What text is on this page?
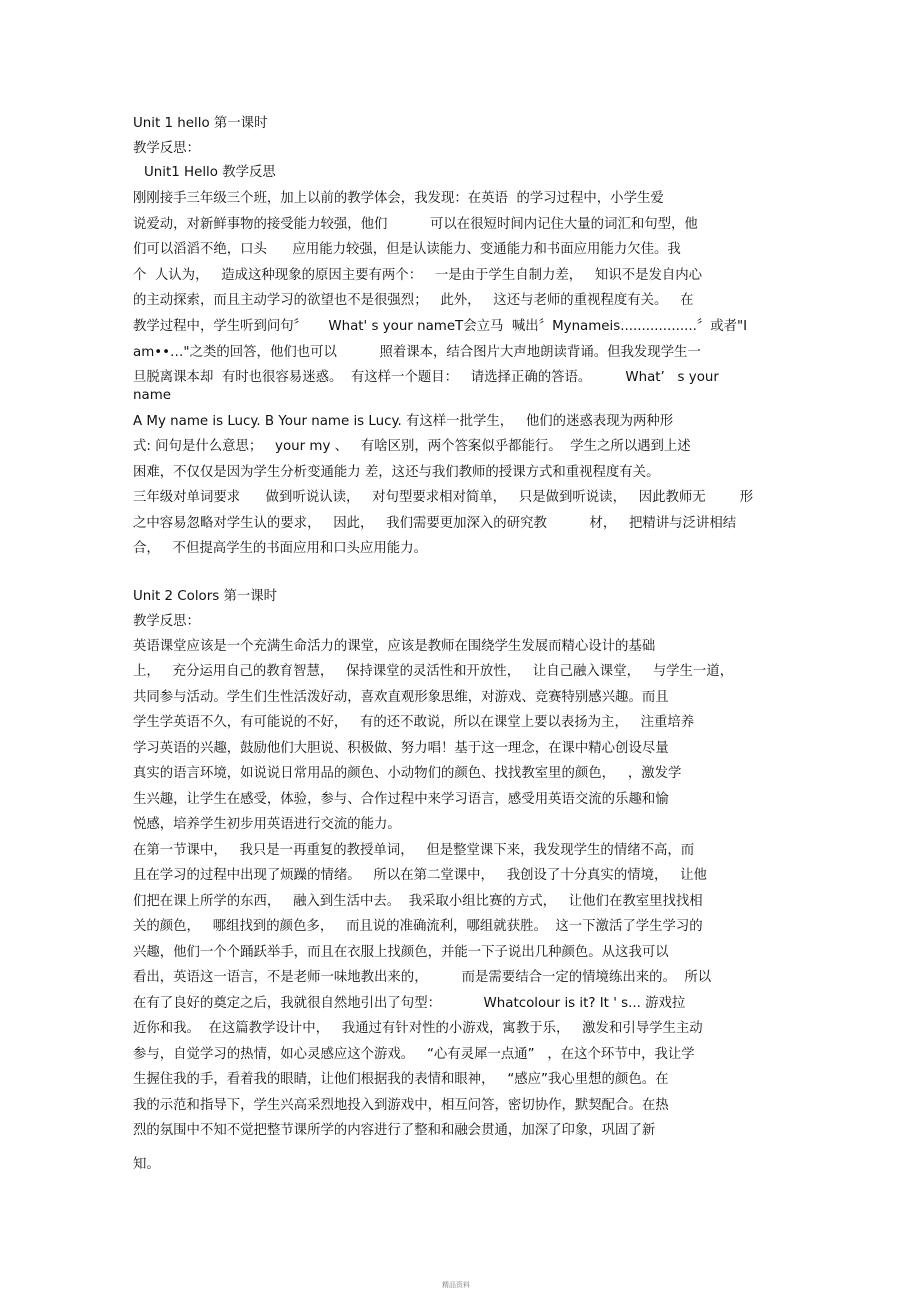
Unit 1 hello 第一课时
教学反思：
Unit1 Hello 教学反思
刚刚接手三年级三个班，加上以前的教学体会，我发现：在英语  的学习过程中，小学生爱
说爱动，对新鲜事物的接受能力较强，他们          可以在很短时间内记住大量的词汇和句型，他
们可以滔滔不绝，口头      应用能力较强，但是认读能力、变通能力和书面应用能力欠佳。我
个  人认为，   造成这种现象的原因主要有两个：   一是由于学生自制力差，   知识不是发自内心
的主动探索，而且主动学习的欲望也不是很强烈；   此外，   这还与老师的重视程度有关。   在
教学过程中，学生听到问句〞     What' s your nameT会立马  喊出〞Mynameis..................〞或者"I
am••…"之类的回答，他们也可以          照着课本，结合图片大声地朗读背诵。但我发现学生一
旦脱离课本却  有时也很容易迷惑。  有这样一个题目：   请选择正确的答语。        What’   s your
name
A My name is Lucy. B Your name is Lucy. 有这样一批学生，   他们的迷惑表现为两种形
式: 问句是什么意思；   your my 、   有啥区别，两个答案似乎都能行。  学生之所以遇到上述
困难，不仅仅是因为学生分析变通能力 差，这还与我们教师的授课方式和重视程度有关。
三年级对单词要求      做到听说认读，   对句型要求相对简单，   只是做到听说读，   因此教师无        形
之中容易忽略对学生认的要求，   因此，   我们需要更加深入的研究教          材，   把精讲与泛讲相结
合，   不但提高学生的书面应用和口头应用能力。
Unit 2 Colors 第一课时
教学反思：
英语课堂应该是一个充满生命活力的课堂，应该是教师在围绕学生发展而精心设计的基础
上，   充分运用自己的教育智慧，   保持课堂的灵活性和开放性，   让自己融入课堂，   与学生一道，
共同参与活动。学生们生性活泼好动，喜欢直观形象思维，对游戏、竞赛特别感兴趣。而且
学生学英语不久，有可能说的不好，   有的还不敢说，所以在课堂上要以表扬为主，   注重培养
学习英语的兴趣，鼓励他们大胆说、积极做、努力唱！基于这一理念，在课中精心创设尽量
真实的语言环境，如说说日常用品的颜色、小动物们的颜色、找找教室里的颜色，   ，激发学
生兴趣，让学生在感受，体验，参与、合作过程中来学习语言，感受用英语交流的乐趣和愉
悦感，培养学生初步用英语进行交流的能力。
在第一节课中，   我只是一再重复的教授单词，   但是整堂课下来，我发现学生的情绪不高，而
且在学习的过程中出现了烦躁的情绪。   所以在第二堂课中，   我创设了十分真实的情境，   让他
们把在课上所学的东西，   融入到生活中去。  我采取小组比赛的方式，   让他们在教室里找找相
关的颜色，   哪组找到的颜色多，   而且说的准确流利，哪组就获胜。  这一下激活了学生学习的
兴趣，他们一个个踊跃举手，而且在衣服上找颜色，并能一下子说出几种颜色。从这我可以
看出，英语这一语言，不是老师一味地教出来的，        而是需要结合一定的情境练出来的。  所以
在有了良好的奠定之后，我就很自然地引出了句型：          Whatcolour is it? It ' s... 游戏拉
近你和我。  在这篇教学设计中，   我通过有针对性的小游戏，寓教于乐，   激发和引导学生主动
参与，自觉学习的热情，如心灵感应这个游戏。   “心有灵犀一点通”   ，在这个环节中，我让学
生握住我的手，看着我的眼睛，让他们根据我的表情和眼神，   “感应”我心里想的颜色。在
我的示范和指导下，学生兴高采烈地投入到游戏中，相互问答，密切协作，默契配合。在热
烈的氛围中不知不觉把整节课所学的内容进行了整和和融会贯通，加深了印象，巩固了新
知。
精品资料
